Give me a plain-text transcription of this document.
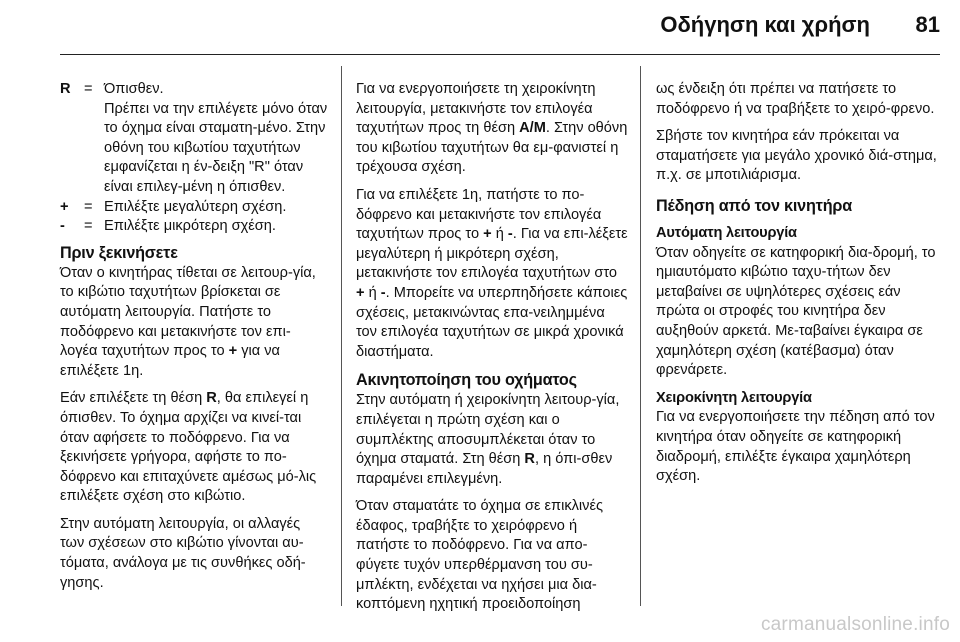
Οδήγηση και χρήση 81
R = Όπισθεν.
Πρέπει να την επιλέγετε μόνο όταν το όχημα είναι σταματη-μένο. Στην οθόνη του κιβωτίου ταχυτήτων εμφανίζεται η έν-δειξη "R" όταν είναι επιλεγ-μένη η όπισθεν.
+	= Επιλέξτε μεγαλύτερη σχέση.
-	= Επιλέξτε μικρότερη σχέση.
Πριν ξεκινήσετε

Όταν ο κινητήρας τίθεται σε λειτουρ-γία, το κιβώτιο ταχυτήτων βρίσκεται σε αυτόματη λειτουργία. Πατήστε το ποδόφρενο και μετακινήστε τον επι-λογέα ταχυτήτων προς το + για να επιλέξετε 1η.

Εάν επιλέξετε τη θέση R, θα επιλεγεί η όπισθεν. Το όχημα αρχίζει να κινεί-ται όταν αφήσετε το ποδόφρενο. Για να ξεκινήσετε γρήγορα, αφήστε το πο-δόφρενο και επιταχύνετε αμέσως μό-λις επιλέξετε σχέση στο κιβώτιο.

Στην αυτόματη λειτουργία, οι αλλαγές των σχέσεων στο κιβώτιο γίνονται αυ-τόματα, ανάλογα με τις συνθήκες οδή-γησης.

Για να ενεργοποιήσετε τη χειροκίνητη λειτουργία, μετακινήστε τον επιλογέα ταχυτήτων προς τη θέση A/M. Στην οθόνη του κιβωτίου ταχυτήτων θα εμ-φανιστεί η τρέχουσα σχέση.

Για να επιλέξετε 1η, πατήστε το πο-δόφρενο και μετακινήστε τον επιλογέα ταχυτήτων προς το + ή -. Για να επι-λέξετε μεγαλύτερη ή μικρότερη σχέση, μετακινήστε τον επιλογέα ταχυτήτων στο + ή -. Μπορείτε να υπερπηδήσετε κάποιες σχέσεις, μετακινώντας επα-νειλημμένα τον επιλογέα ταχυτήτων σε μικρά χρονικά διαστήματα.

Ακινητοποίηση του οχήματος

Στην αυτόματη ή χειροκίνητη λειτουρ-γία, επιλέγεται η πρώτη σχέση και ο συμπλέκτης αποσυμπλέκεται όταν το όχημα σταματά. Στη θέση R, η όπι-σθεν παραμένει επιλεγμένη.

Όταν σταματάτε το όχημα σε επικλινές έδαφος, τραβήξτε το χειρόφρενο ή πατήστε το ποδόφρενο. Για να απο-φύγετε τυχόν υπερθέρμανση του συ-μπλέκτη, ενδέχεται να ηχήσει μια δια-κοπτόμενη ηχητική προειδοποίηση

ως ένδειξη ότι πρέπει να πατήσετε το ποδόφρενο ή να τραβήξετε το χειρό-φρενο.

Σβήστε τον κινητήρα εάν πρόκειται να σταματήσετε για μεγάλο χρονικό διά-στημα, π.χ. σε μποτιλιάρισμα.

Πέδηση από τον κινητήρα
Αυτόματη λειτουργία

Όταν οδηγείτε σε κατηφορική δια-δρομή, το ημιαυτόματο κιβώτιο ταχυ-τήτων δεν μεταβαίνει σε υψηλότερες σχέσεις εάν πρώτα οι στροφές του κινητήρα δεν αυξηθούν αρκετά. Με-ταβαίνει έγκαιρα σε χαμηλότερη σχέση (κατέβασμα) όταν φρενάρετε.

Χειροκίνητη λειτουργία

Για να ενεργοποιήσετε την πέδηση από τον κινητήρα όταν οδηγείτε σε κατηφορική διαδρομή, επιλέξτε έγκαιρα χαμηλότερη σχέση.

carmanualsonline.info
